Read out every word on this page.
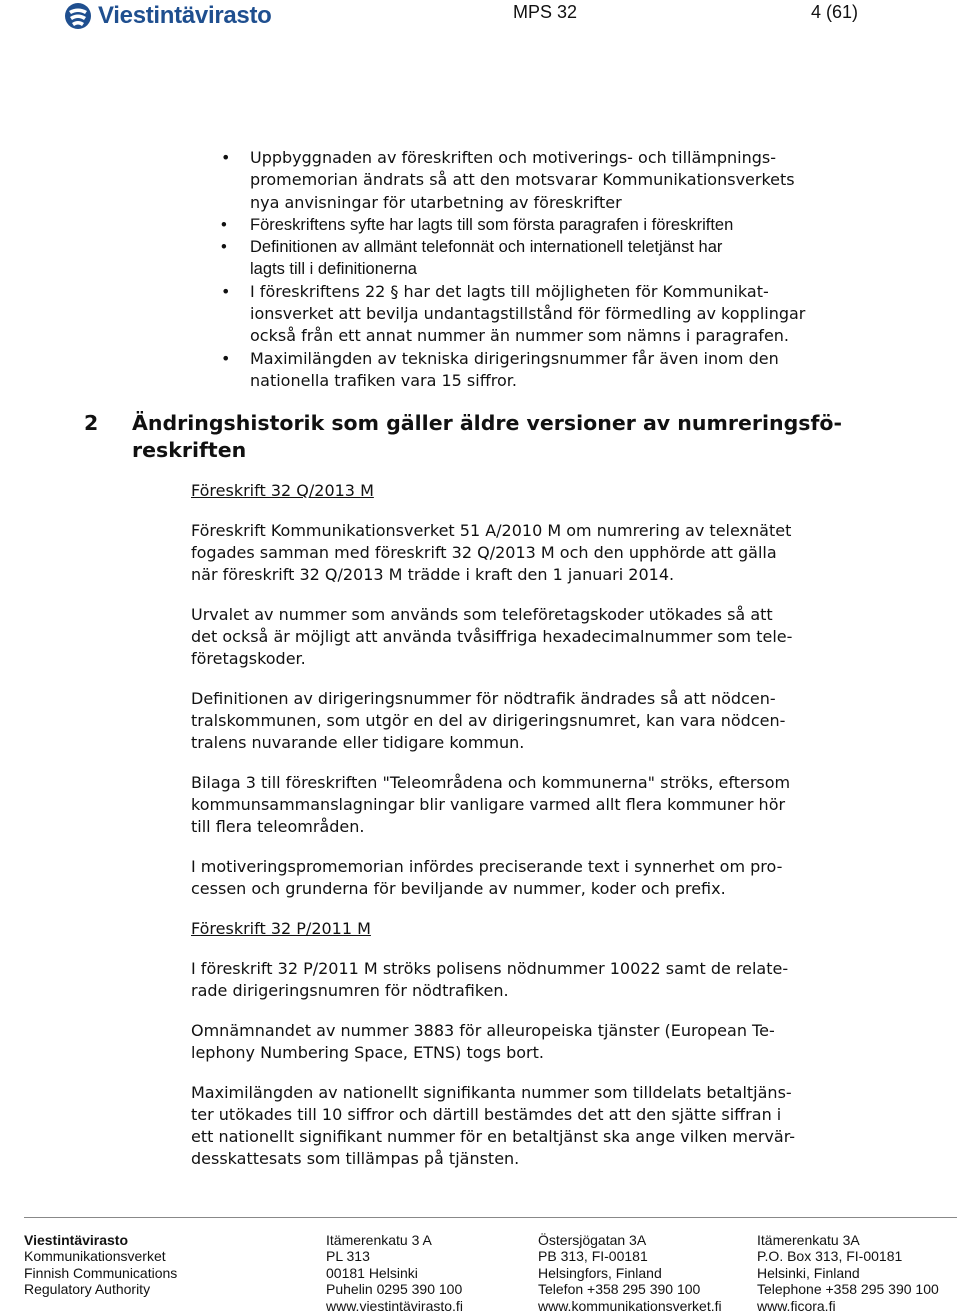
Viestintävirasto	MPS 32	4 (61)
• Uppbyggnaden av föreskriften och motiverings- och tillämpnings-
promemorian ändrats så att den motsvarar Kommunikationsverkets
nya anvisningar för utarbetning av föreskrifter
• Föreskriftens syfte har lagts till som första paragrafen i föreskriften
• Definitionen av allmänt telefonnät och internationell teletjänst har
lagts till i definitionerna
• I föreskriftens 22 § har det lagts till möjligheten för Kommunikat-
ionsverket att bevilja undantagstillstånd för förmedling av kopplingar
också från ett annat nummer än nummer som nämns i paragrafen.
• Maximilängden av tekniska dirigeringsnummer får även inom den
nationella trafiken vara 15 siffror.
2 Ändringshistorik som gäller äldre versioner av numreringsfö-
reskriften

Föreskrift 32 Q/2013 M

Föreskrift Kommunikationsverket 51 A/2010 M om numrering av telexnätet
fogades samman med föreskrift 32 Q/2013 M och den upphörde att gälla
när föreskrift 32 Q/2013 M trädde i kraft den 1 januari 2014.

Urvalet av nummer som används som teleföretagskoder utökades så att
det också är möjligt att använda tvåsiffriga hexadecimalnummer som tele-
företagskoder.

Definitionen av dirigeringsnummer för nödtrafik ändrades så att nödcen-
tralskommunen, som utgör en del av dirigeringsnumret, kan vara nödcen-
tralens nuvarande eller tidigare kommun.

Bilaga 3 till föreskriften "Teleområdena och kommunerna" ströks, eftersom
kommunsammanslagningar blir vanligare varmed allt flera kommuner hör
till flera teleområden.

I motiveringspromemorian infördes preciserande text i synnerhet om pro-
cessen och grunderna för beviljande av nummer, koder och prefix.

Föreskrift 32 P/2011 M

I föreskrift 32 P/2011 M ströks polisens nödnummer 10022 samt de relate-
rade dirigeringsnumren för nödtrafiken.

Omnämnandet av nummer 3883 för alleuropeiska tjänster (European Te-
lephony Numbering Space, ETNS) togs bort.

Maximilängden av nationellt signifikanta nummer som tilldelats betaltjäns-
ter utökades till 10 siffror och därtill bestämdes det att den sjätte siffran i
ett nationellt signifikant nummer för en betaltjänst ska ange vilken mervär-
desskattesats som tillämpas på tjänsten.

Viestintävirasto
Kommunikationsverket
Finnish Communications
Regulatory Authority
Itämerenkatu 3 A
PL 313
00181 Helsinki
Puhelin 0295 390 100
www.viestintävirasto.fi
Östersjögatan 3A
PB 313, FI-00181
Helsingfors, Finland
Telefon +358 295 390 100
www.kommunikationsverket.fi
Itämerenkatu 3A
P.O. Box 313, FI-00181
Helsinki, Finland
Telephone +358 295 390 100
www.ficora.fi
